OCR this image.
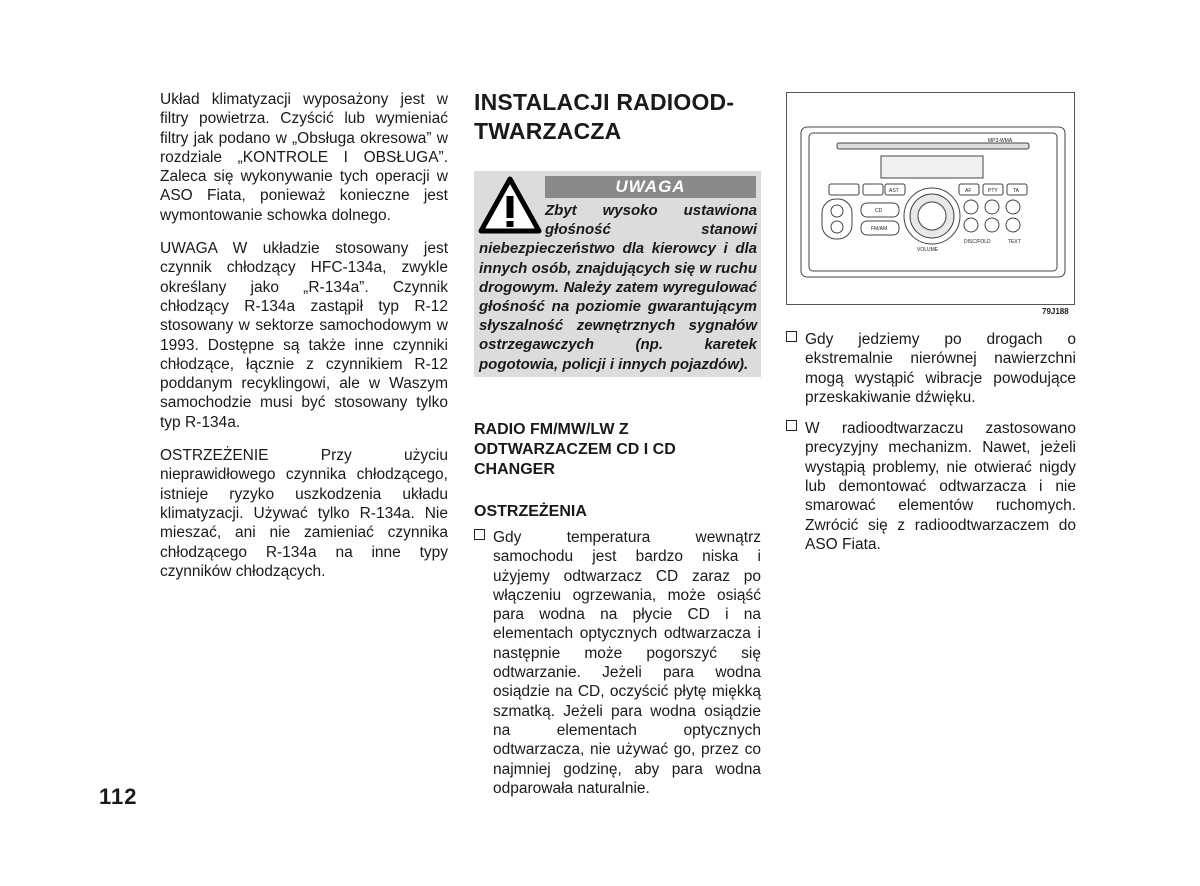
Układ klimatyzacji wyposażony jest w filtry powietrza. Czyścić lub wymieniać filtry jak podano w „Obsługa okresowa” w rozdziale „KONTROLE I OBSŁUGA”. Zaleca się wykonywanie tych operacji w ASO Fiata, ponieważ konieczne jest wymontowanie schowka dolnego.

UWAGA W układzie stosowany jest czynnik chłodzący HFC-134a, zwykle określany jako „R-134a”. Czynnik chłodzący R-134a zastąpił typ R-12 stosowany w sektorze samochodowym w 1993. Dostępne są także inne czynniki chłodzące, łącznie z czynnikiem R-12 poddanym recyklingowi, ale w Waszym samochodzie musi być stosowany tylko typ R-134a.

OSTRZEŻENIE Przy użyciu nieprawidłowego czynnika chłodzącego, istnieje ryzyko uszkodzenia układu klimatyzacji. Używać tylko R-134a. Nie mieszać, ani nie zamieniać czynnika chłodzącego R-134a na inne typy czynników chłodzących.

INSTALACJI RADIOOD-TWARZACZA
UWAGA
Zbyt wysoko ustawiona głośność stanowi niebezpieczeństwo dla kierowcy i dla innych osób, znajdujących się w ruchu drogowym. Należy zatem wyregulować głośność na poziomie gwarantującym słyszalność zewnętrznych sygnałów ostrzegawczych (np. karetek pogotowia, policji i innych pojazdów).
RADIO FM/MW/LW Z ODTWARZACZEM CD I CD CHANGER
OSTRZEŻENIA
Gdy temperatura wewnątrz samochodu jest bardzo niska i użyjemy odtwarzacz CD zaraz po włączeniu ogrzewania, może osiąść para wodna na płycie CD i na elementach optycznych odtwarzacza i następnie może pogorszyć się odtwarzanie. Jeżeli para wodna osiądzie na CD, oczyścić płytę miękką szmatką. Jeżeli para wodna osiądzie na elementach optycznych odtwarzacza, nie używać go, przez co najmniej godzinę, aby para wodna odparowała naturalnie.
MP3-WMA
AST	AF	PTY	TA
CD
FM/AM
VOLUME
DISC/FOLD	TEXT
79J188
Gdy jedziemy po drogach o ekstremalnie nierównej nawierzchni mogą wystąpić wibracje powodujące przeskakiwanie dźwięku.
W radioodtwarzaczu zastosowano precyzyjny mechanizm. Nawet, jeżeli wystąpią problemy, nie otwierać nigdy lub demontować odtwarzacza i nie smarować elementów ruchomych. Zwrócić się z radioodtwarzaczem do ASO Fiata.
112
